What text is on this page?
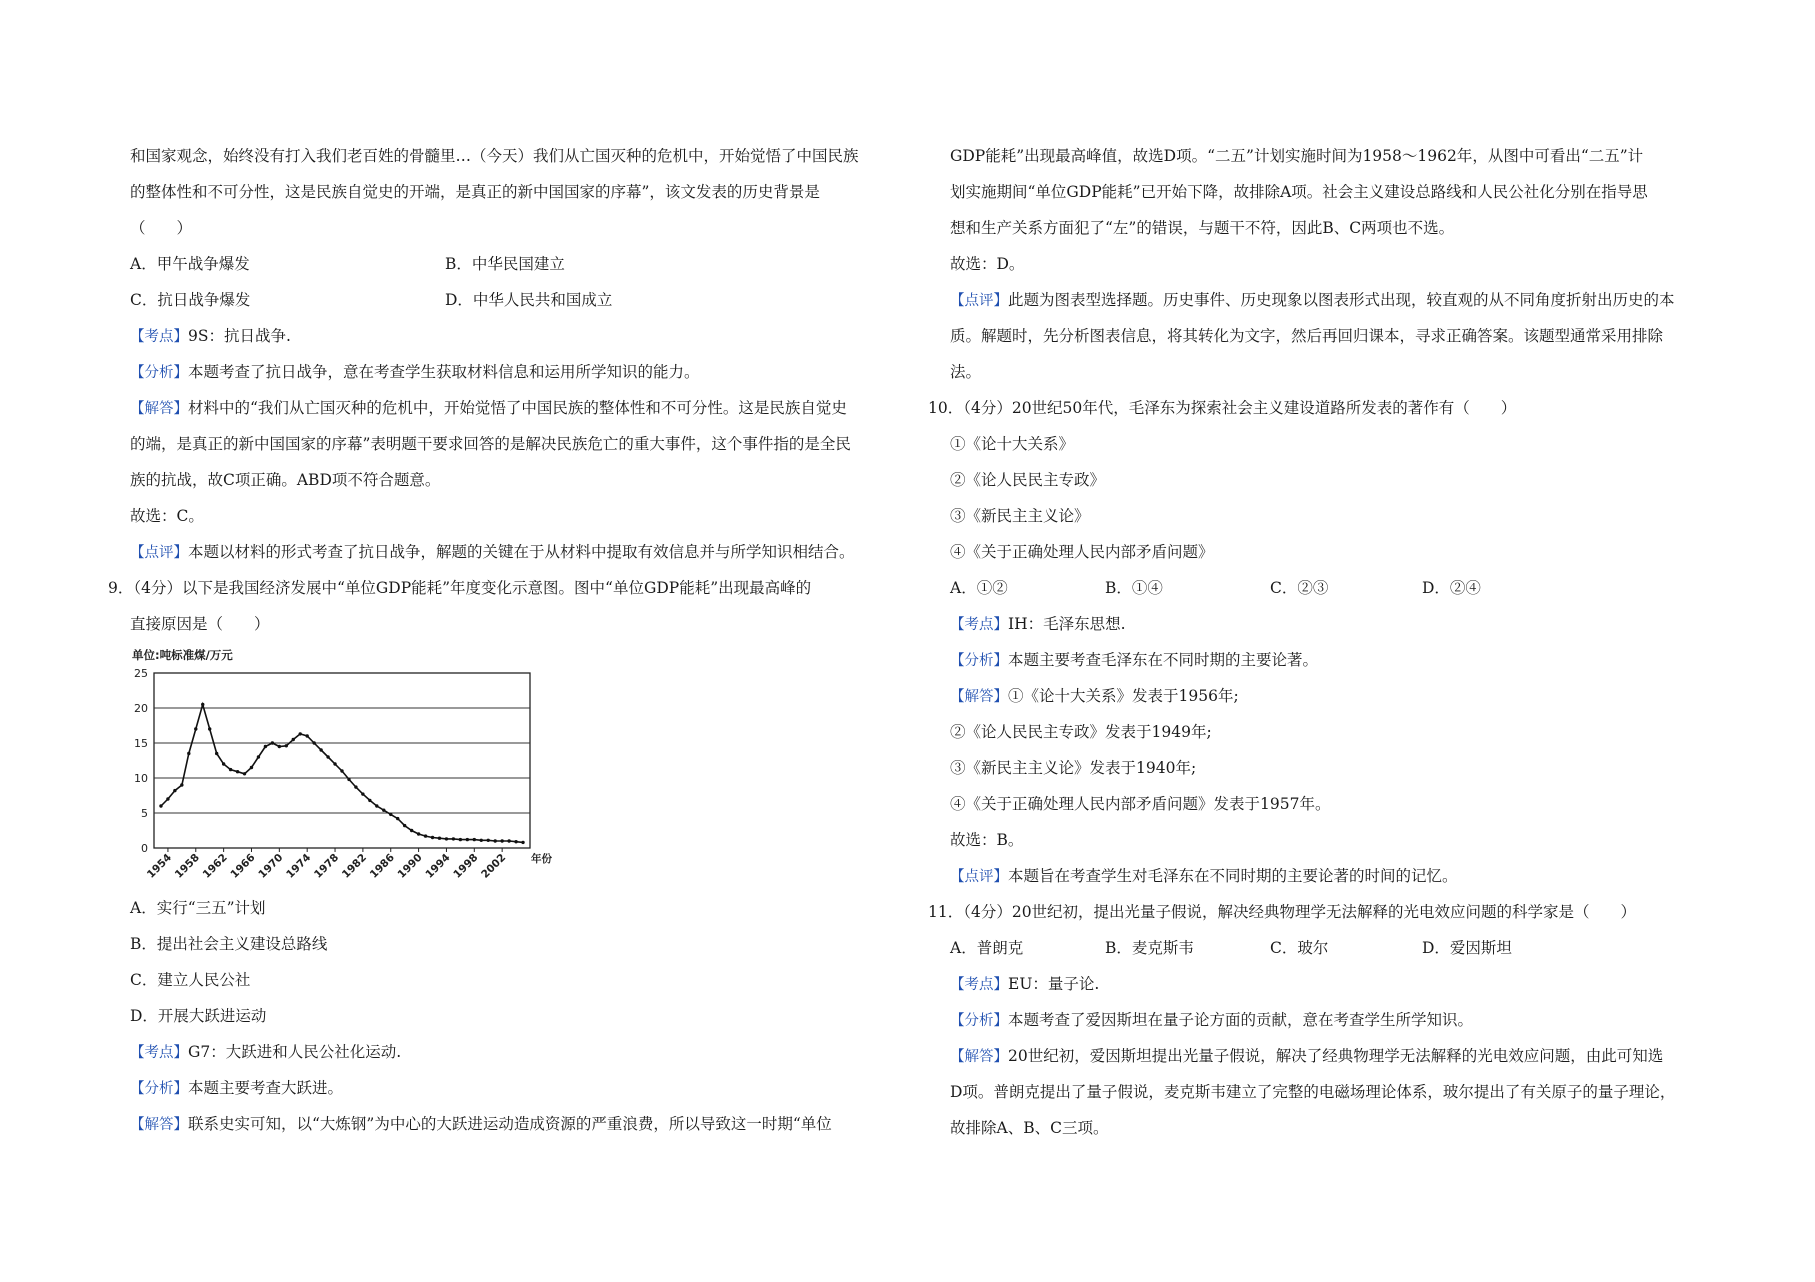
和国家观念，始终没有打入我们老百姓的骨髓里…（今天）我们从亡国灭种的危机中，开始觉悟了中国民族
的整体性和不可分性，这是民族自觉史的开端，是真正的新中国国家的序幕”，该文发表的历史背景是
（　　）
A．甲午战争爆发	B．中华民国建立
C．抗日战争爆发	D．中华人民共和国成立
【考点】9S：抗日战争.
【分析】本题考查了抗日战争，意在考查学生获取材料信息和运用所学知识的能力。
【解答】材料中的“我们从亡国灭种的危机中，开始觉悟了中国民族的整体性和不可分性。这是民族自觉史
的端，是真正的新中国国家的序幕”表明题干要求回答的是解决民族危亡的重大事件，这个事件指的是全民
族的抗战，故C项正确。ABD项不符合题意。
故选：C。
【点评】本题以材料的形式考查了抗日战争，解题的关键在于从材料中提取有效信息并与所学知识相结合。
9．（4分）以下是我国经济发展中“单位GDP能耗”年度变化示意图。图中“单位GDP能耗”出现最高峰的
直接原因是（　　）
单位:吨标准煤/万元
0
5
10
15
20
25
1954
1958
1962
1966
1970
1974
1978
1982
1986
1990
1994
1998
2002 年份
A．实行“三五”计划
B．提出社会主义建设总路线
C．建立人民公社
D．开展大跃进运动
【考点】G7：大跃进和人民公社化运动.
【分析】本题主要考查大跃进。
【解答】联系史实可知，以“大炼钢”为中心的大跃进运动造成资源的严重浪费，所以导致这一时期“单位
GDP能耗”出现最高峰值，故选D项。“二五”计划实施时间为1958～1962年，从图中可看出“二五”计
划实施期间“单位GDP能耗”已开始下降，故排除A项。社会主义建设总路线和人民公社化分别在指导思
想和生产关系方面犯了“左”的错误，与题干不符，因此B、C两项也不选。
故选：D。
【点评】此题为图表型选择题。历史事件、历史现象以图表形式出现，较直观的从不同角度折射出历史的本
质。解题时，先分析图表信息，将其转化为文字，然后再回归课本，寻求正确答案。该题型通常采用排除
法。
10．（4分）20世纪50年代，毛泽东为探索社会主义建设道路所发表的著作有（　　）
①《论十大关系》
②《论人民民主专政》
③《新民主主义论》
④《关于正确处理人民内部矛盾问题》
A．①②	B．①④	C．②③	D．②④
【考点】IH：毛泽东思想.
【分析】本题主要考查毛泽东在不同时期的主要论著。
【解答】①《论十大关系》发表于1956年;
②《论人民民主专政》发表于1949年;
③《新民主主义论》发表于1940年;
④《关于正确处理人民内部矛盾问题》发表于1957年。
故选：B。
【点评】本题旨在考查学生对毛泽东在不同时期的主要论著的时间的记忆。
11．（4分）20世纪初，提出光量子假说，解决经典物理学无法解释的光电效应问题的科学家是（　　）
A．普朗克	B．麦克斯韦	C．玻尔	D．爱因斯坦
【考点】EU：量子论.
【分析】本题考查了爱因斯坦在量子论方面的贡献，意在考查学生所学知识。
【解答】20世纪初，爱因斯坦提出光量子假说，解决了经典物理学无法解释的光电效应问题，由此可知选
D项。普朗克提出了量子假说，麦克斯韦建立了完整的电磁场理论体系，玻尔提出了有关原子的量子理论，
故排除A、B、C三项。
